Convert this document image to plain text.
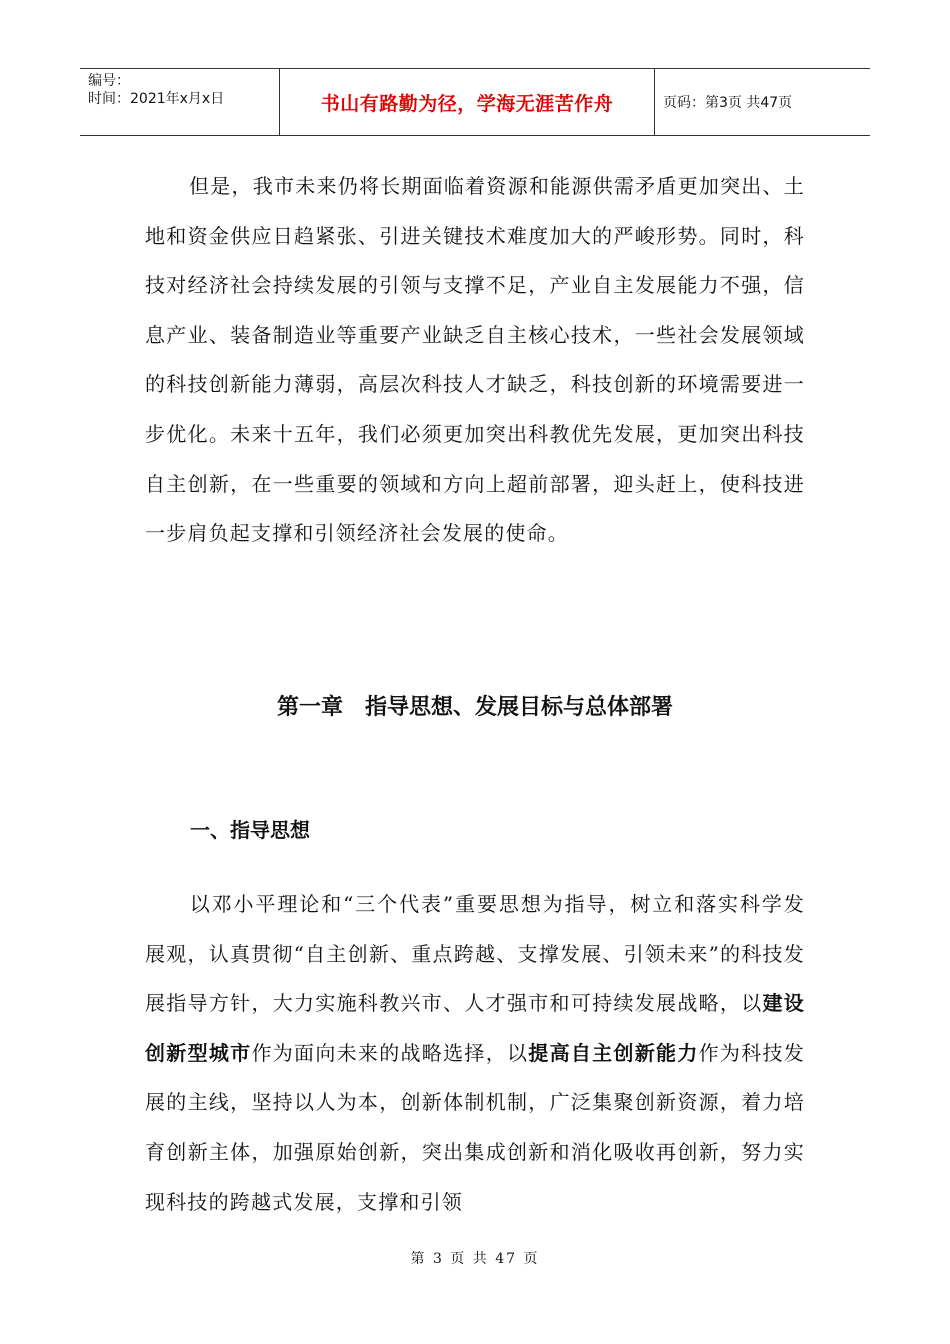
编号：
时间：2021年x月x日	书山有路勤为径，学海无涯苦作舟	页码：第3页 共47页

但是，我市未来仍将长期面临着资源和能源供需矛盾更加突出、土地和资金供应日趋紧张、引进关键技术难度加大的严峻形势。同时，科技对经济社会持续发展的引领与支撑不足，产业自主发展能力不强，信息产业、装备制造业等重要产业缺乏自主核心技术，一些社会发展领域的科技创新能力薄弱，高层次科技人才缺乏，科技创新的环境需要进一步优化。未来十五年，我们必须更加突出科教优先发展，更加突出科技自主创新，在一些重要的领域和方向上超前部署，迎头赶上，使科技进一步肩负起支撑和引领经济社会发展的使命。

第一章 指导思想、发展目标与总体部署
一、指导思想

以邓小平理论和“三个代表”重要思想为指导，树立和落实科学发展观，认真贯彻“自主创新、重点跨越、支撑发展、引领未来”的科技发展指导方针，大力实施科教兴市、人才强市和可持续发展战略，以建设创新型城市作为面向未来的战略选择，以提高自主创新能力作为科技发展的主线，坚持以人为本，创新体制机制，广泛集聚创新资源，着力培育创新主体，加强原始创新，突出集成创新和消化吸收再创新，努力实现科技的跨越式发展，支撑和引领

第 3 页 共 47 页
